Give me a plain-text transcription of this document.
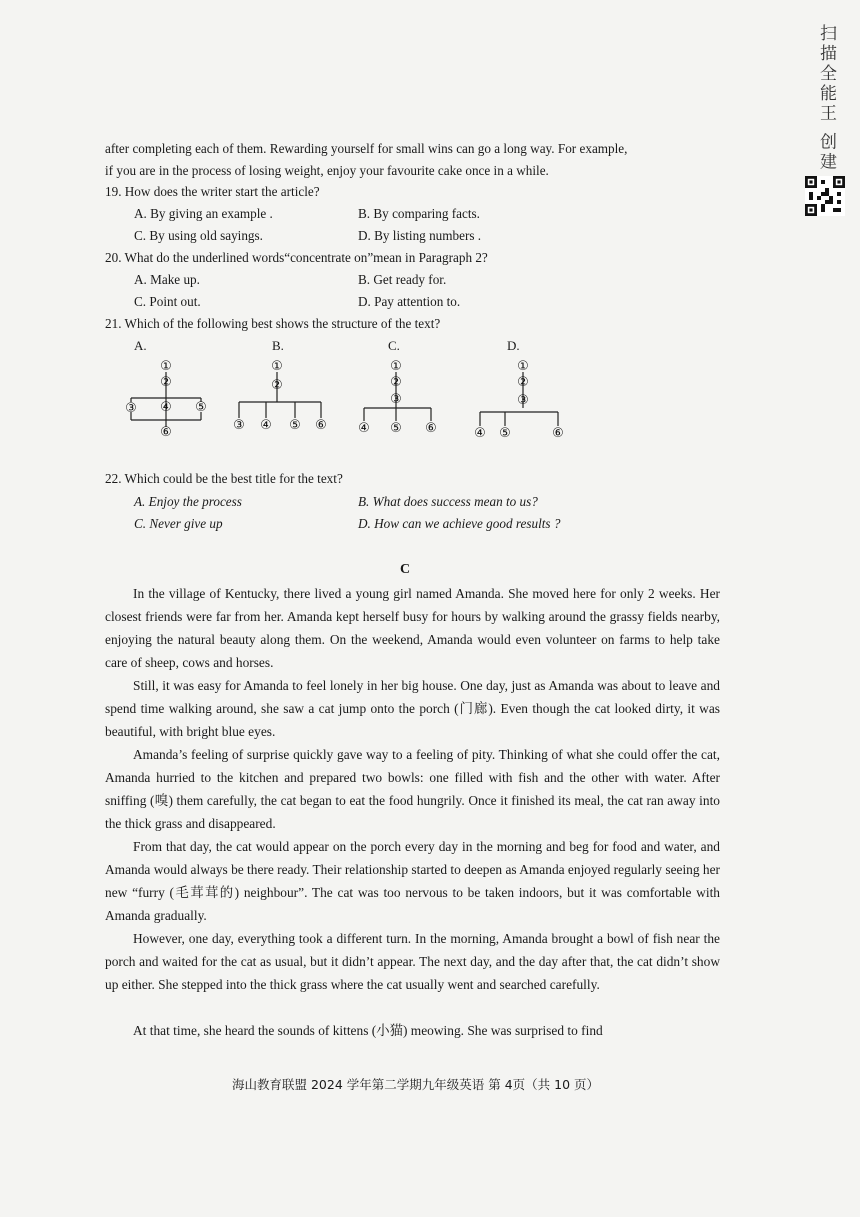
扫描全能王 创建
after completing each of them. Rewarding yourself for small wins can go a long way. For example,
if you are in the process of losing weight, enjoy your favourite cake once in a while.
19. How does the writer start the article?
A. By giving an example .	B. By comparing facts.
C. By using old sayings.	D. By listing numbers .
20. What do the underlined words“concentrate on”mean in Paragraph 2?
A. Make up.	B. Get ready for.
C. Point out.	D. Pay attention to.
21. Which of the following best shows the structure of the text?
A.	B.	C.	D.
①
②
③ ④ ⑤
⑥
①
②
③ ④ ⑤ ⑥
①
②
③
④ ⑤ ⑥
①
②
③
④ ⑤	⑥
22. Which could be the best title for the text?
A. Enjoy the process	B. What does success mean to us?
C. Never give up	D. How can we achieve good results ?
C
In the village of Kentucky, there lived a young girl named Amanda. She moved here for only 2 weeks. Her closest friends were far from her. Amanda kept herself busy for hours by walking around the grassy fields nearby, enjoying the natural beauty along them. On the weekend, Amanda would even volunteer on farms to help take care of sheep, cows and horses.
Still, it was easy for Amanda to feel lonely in her big house. One day, just as Amanda was about to leave and spend time walking around, she saw a cat jump onto the porch (门廊). Even though the cat looked dirty, it was beautiful, with bright blue eyes.
Amanda’s feeling of surprise quickly gave way to a feeling of pity. Thinking of what she could offer the cat, Amanda hurried to the kitchen and prepared two bowls: one filled with fish and the other with water. After sniffing (嗅) them carefully, the cat began to eat the food hungrily. Once it finished its meal, the cat ran away into the thick grass and disappeared.
From that day, the cat would appear on the porch every day in the morning and beg for food and water, and Amanda would always be there ready. Their relationship started to deepen as Amanda enjoyed regularly seeing her new “furry (毛茸茸的) neighbour”. The cat was too nervous to be taken indoors, but it was comfortable with Amanda gradually.
However, one day, everything took a different turn. In the morning, Amanda brought a bowl of fish near the porch and waited for the cat as usual, but it didn’t appear. The next day, and the day after that, the cat didn’t show up either. She stepped into the thick grass where the cat usually went and searched carefully.
At that time, she heard the sounds of kittens (小猫) meowing. She was surprised to find
海山教育联盟 2024 学年第二学期九年级英语 第 4页（共 10 页）
